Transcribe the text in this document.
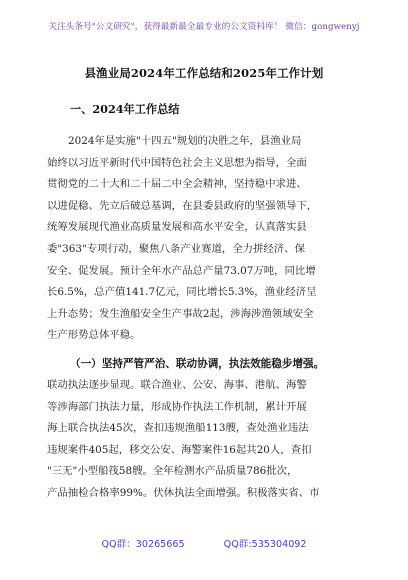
关注头条号"公文研究"，获得最新最全最专业的公文资料库！ 微信：gongwenyj
县渔业局2024年工作总结和2025年工作计划
一、2024年工作总结
2024年是实施"十四五"规划的决胜之年，县渔业局
始终以习近平新时代中国特色社会主义思想为指导，全面
贯彻党的二十大和二十届二中全会精神，坚持稳中求进、
以进促稳、先立后破总基调，在县委县政府的坚强领导下，
统筹发展现代渔业高质量发展和高水平安全，认真落实县
委"363"专项行动，聚焦八条产业赛道，全力拼经济、保
安全、促发展。预计全年水产品总产量73.07万吨，同比增
长6.5%，总产值141.7亿元，同比增长5.3%，渔业经济呈
上升态势；发生渔船安全生产事故2起，涉海涉渔领域安全
生产形势总体平稳。
（一）坚持严管严治、联动协调，执法效能稳步增强。
联动执法逐步显现。联合渔业、公安、海事、港航、海警
等涉海部门执法力量，形成协作执法工作机制，累计开展
海上联合执法45次，查扣违规渔船113艘，查处渔业违法
违规案件405起，移交公安、海警案件16起共20人，查扣
"三无"小型船筏58艘。全年检测水产品质量786批次，
产品抽检合格率99%。伏休执法全面增强。积极落实省、市
QQ群：30265665	QQ群:535304092
